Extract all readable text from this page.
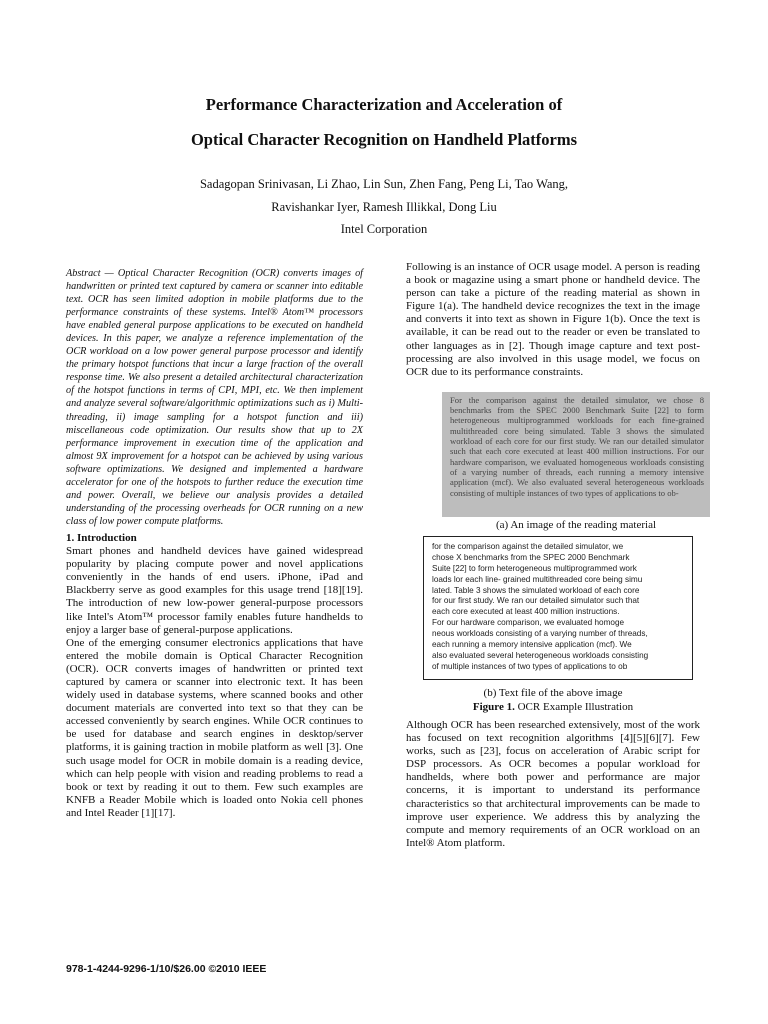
Performance Characterization and Acceleration of
Optical Character Recognition on Handheld Platforms

Sadagopan Srinivasan, Li Zhao, Lin Sun, Zhen Fang, Peng Li, Tao Wang,

Ravishankar Iyer, Ramesh Illikkal, Dong Liu

Intel Corporation

Abstract — Optical Character Recognition (OCR) converts images of handwritten or printed text captured by camera or scanner into editable text. OCR has seen limited adoption in mobile platforms due to the performance constraints of these systems. Intel® Atom™ processors have enabled general purpose applications to be executed on handheld devices. In this paper, we analyze a reference implementation of the OCR workload on a low power general purpose processor and identify the primary hotspot functions that incur a large fraction of the overall response time. We also present a detailed architectural characterization of the hotspot functions in terms of CPI, MPI, etc. We then implement and analyze several software/algorithmic optimizations such as i) Multi-threading, ii) image sampling for a hotspot function and iii) miscellaneous code optimization. Our results show that up to 2X performance improvement in execution time of the application and almost 9X improvement for a hotspot can be achieved by using various software optimizations. We designed and implemented a hardware accelerator for one of the hotspots to further reduce the execution time and power. Overall, we believe our analysis provides a detailed understanding of the processing overheads for OCR running on a new class of low power compute platforms.

1. Introduction

Smart phones and handheld devices have gained widespread popularity by placing compute power and novel applications conveniently in the hands of end users. iPhone, iPad and Blackberry serve as good examples for this usage trend [18][19]. The introduction of new low-power general-purpose processors like Intel's Atom™ processor family enables future handhelds to enjoy a larger base of general-purpose applications.

One of the emerging consumer electronics applications that have entered the mobile domain is Optical Character Recognition (OCR). OCR converts images of handwritten or printed text captured by camera or scanner into electronic text. It has been widely used in database systems, where scanned books and other document materials are converted into text so that they can be accessed conveniently by search engines. While OCR continues to be used for database and search engines in desktop/server platforms, it is gaining traction in mobile platform as well [3]. One such usage model for OCR in mobile domain is a reading device, which can help people with vision and reading problems to read a book or text by reading it out to them. Few such examples are KNFB a Reader Mobile which is loaded onto Nokia cell phones and Intel Reader [1][17].

Following is an instance of OCR usage model. A person is reading a book or magazine using a smart phone or handheld device. The person can take a picture of the reading material as shown in Figure 1(a). The handheld device recognizes the text in the image and converts it into text as shown in Figure 1(b). Once the text is available, it can be read out to the reader or even be translated to other languages as in [2]. Though image capture and text post-processing are also involved in this usage model, we focus on OCR due to its performance constraints.

For the comparison against the detailed simulator, we chose 8 benchmarks from the SPEC 2000 Benchmark Suite [22] to form heterogeneous multiprogrammed workloads for each fine-grained multithreaded core being simulated. Table 3 shows the simulated workload of each core for our first study. We ran our detailed simulator such that each core executed at least 400 million instructions. For our hardware comparison, we evaluated homogeneous workloads consisting of a varying number of threads, each running a memory intensive application (mcf). We also evaluated several heterogeneous workloads consisting of multiple instances of two types of applications to ob-

(a) An image of the reading material

for the comparison against the detailed simulator, we
chose X benchmarks from the SPEC 2000 Benchmark
Suite [22] to form heterogeneous multiprogrammed work
loads lor each line- grained multithreaded core being simu
lated. Table 3 shows the simulated workload of each core
for our first study. We ran our detailed simulator such that
each core executed at least 400 million instructions.
For our hardware comparison, we evaluated homoge
neous workloads consisting of a varying number of threads,
each running a memory intensive application (mcf). We
also evaluated several heterogeneous workloads consisting
of multiple instances of two types of applications to ob

(b) Text file of the above image

Figure 1. OCR Example Illustration

Although OCR has been researched extensively, most of the work has focused on text recognition algorithms [4][5][6][7]. Few works, such as [23], focus on acceleration of Arabic script for DSP processors. As OCR becomes a popular workload for handhelds, where both power and performance are major concerns, it is important to understand its performance characteristics so that architectural improvements can be made to improve user experience. We address this by analyzing the compute and memory requirements of an OCR workload on an Intel® Atom platform.

978-1-4244-9296-1/10/$26.00 ©2010 IEEE
